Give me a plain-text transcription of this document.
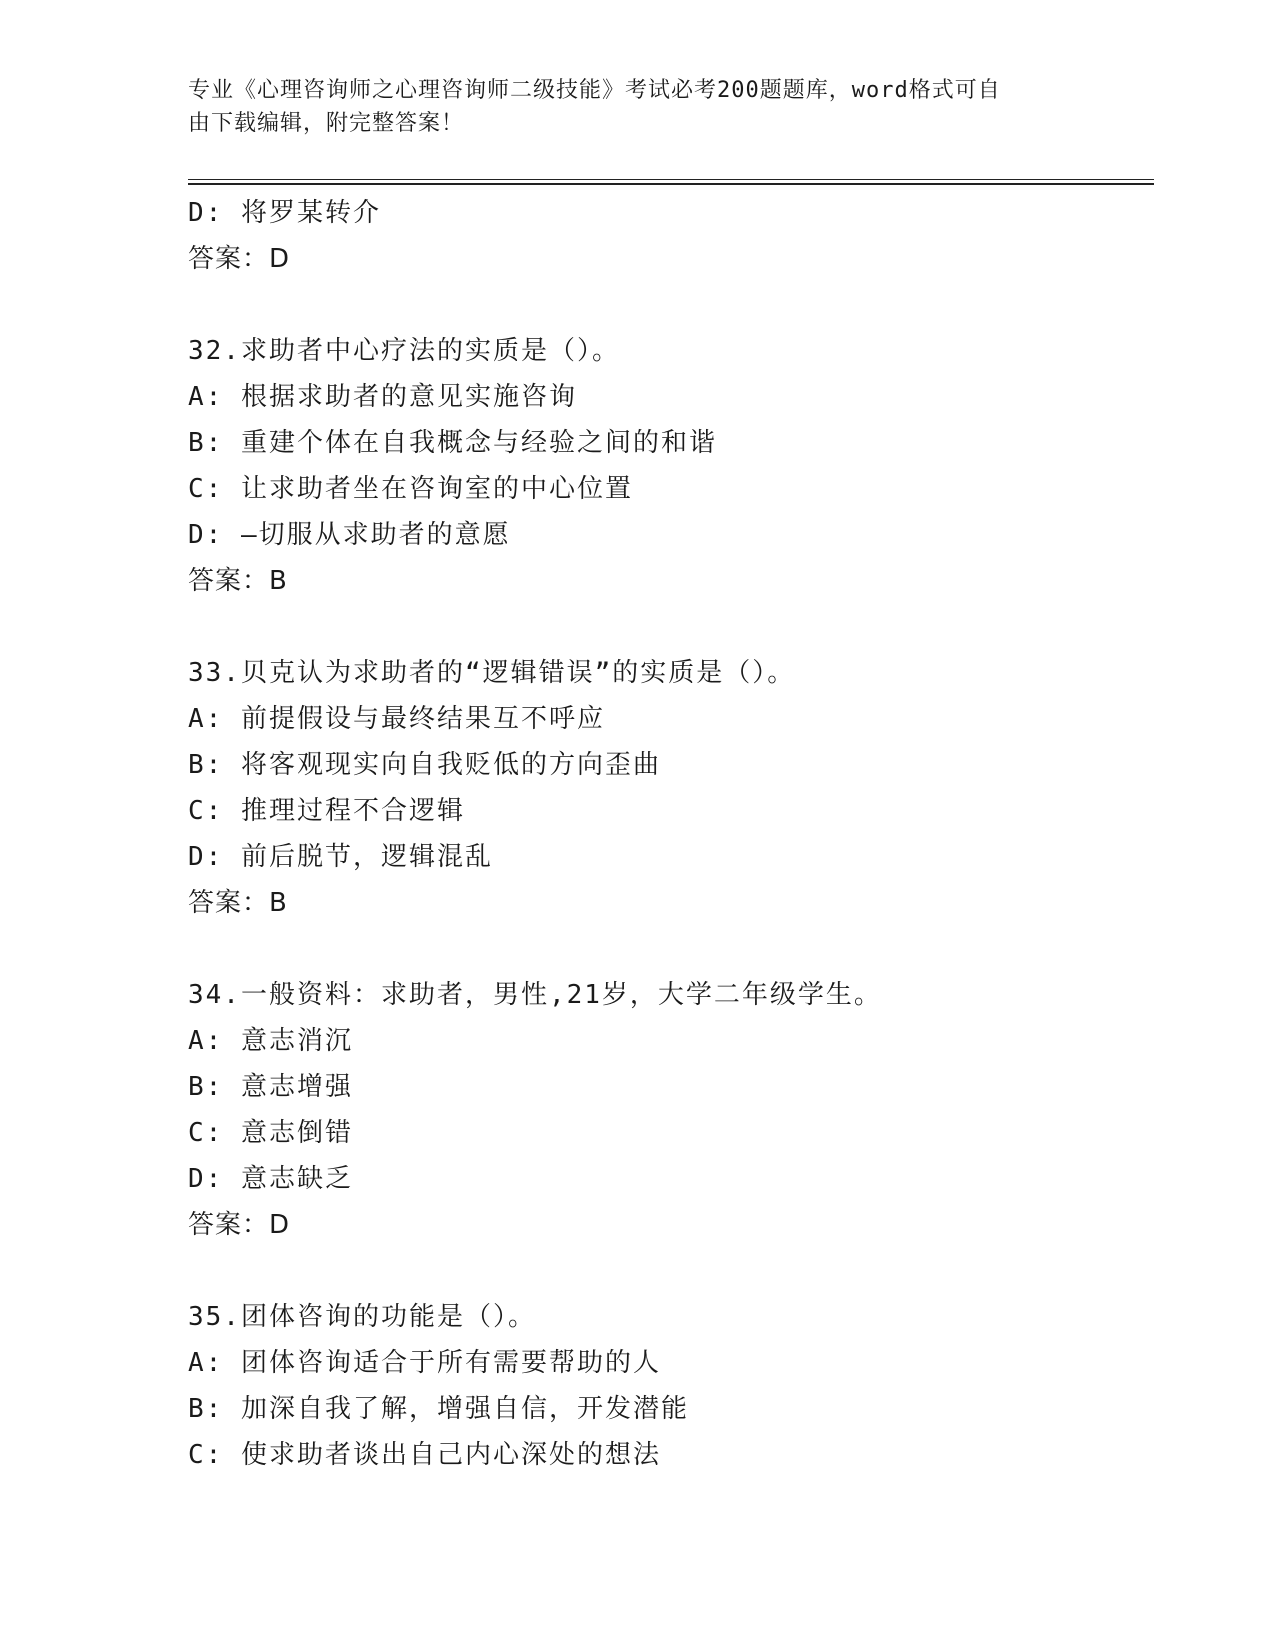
专业《心理咨询师之心理咨询师二级技能》考试必考200题题库，word格式可自
由下载编辑，附完整答案！
D: 将罗某转介
答案：D
32.求助者中心疗法的实质是（）。
A: 根据求助者的意见实施咨询
B: 重建个体在自我概念与经验之间的和谐
C: 让求助者坐在咨询室的中心位置
D: —切服从求助者的意愿
答案：B
33.贝克认为求助者的“逻辑错误”的实质是（）。
A: 前提假设与最终结果互不呼应
B: 将客观现实向自我贬低的方向歪曲
C: 推理过程不合逻辑
D: 前后脱节，逻辑混乱
答案：B
34.一般资料：求助者，男性,21岁，大学二年级学生。
A: 意志消沉
B: 意志增强
C: 意志倒错
D: 意志缺乏
答案：D
35.团体咨询的功能是（）。
A: 团体咨询适合于所有需要帮助的人
B: 加深自我了解，增强自信，开发潜能
C: 使求助者谈出自己内心深处的想法
